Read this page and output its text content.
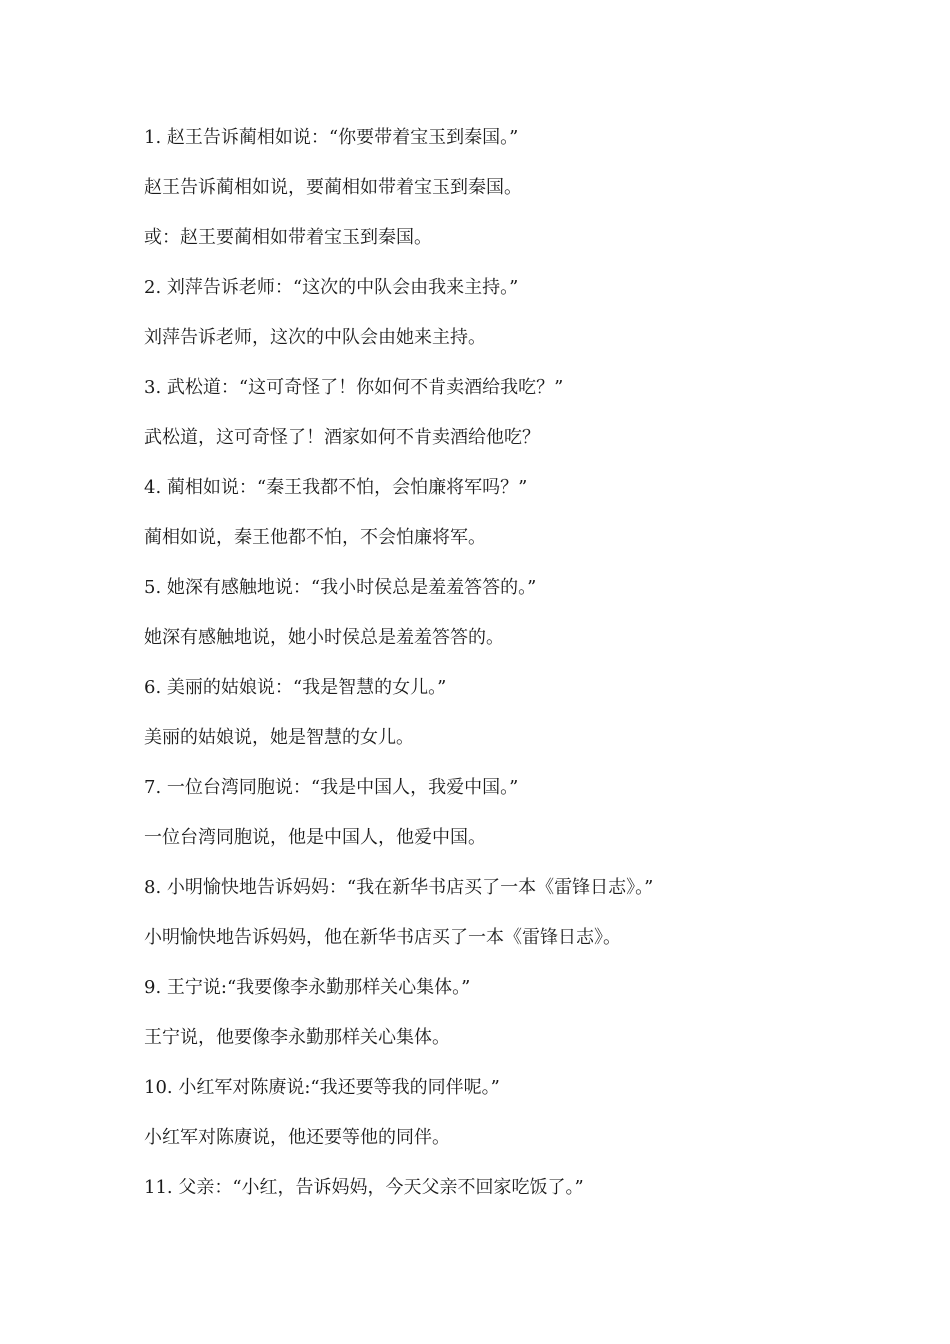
1. 赵王告诉蔺相如说：“你要带着宝玉到秦国。”
赵王告诉蔺相如说，要蔺相如带着宝玉到秦国。
或：赵王要蔺相如带着宝玉到秦国。
2. 刘萍告诉老师：“这次的中队会由我来主持。”
刘萍告诉老师，这次的中队会由她来主持。
3. 武松道：“这可奇怪了！你如何不肯卖酒给我吃？”
武松道，这可奇怪了！酒家如何不肯卖酒给他吃？
4. 蔺相如说：“秦王我都不怕，会怕廉将军吗？”
蔺相如说，秦王他都不怕，不会怕廉将军。
5. 她深有感触地说：“我小时侯总是羞羞答答的。”
她深有感触地说，她小时侯总是羞羞答答的。
6. 美丽的姑娘说：“我是智慧的女儿。”
美丽的姑娘说，她是智慧的女儿。
7. 一位台湾同胞说：“我是中国人，我爱中国。”
一位台湾同胞说，他是中国人，他爱中国。
8. 小明愉快地告诉妈妈：“我在新华书店买了一本《雷锋日志》。”
小明愉快地告诉妈妈，他在新华书店买了一本《雷锋日志》。
9. 王宁说:“我要像李永勤那样关心集体。”
王宁说，他要像李永勤那样关心集体。
10. 小红军对陈赓说:“我还要等我的同伴呢。”
小红军对陈赓说，他还要等他的同伴。
11. 父亲：“小红，告诉妈妈，今天父亲不回家吃饭了。”
